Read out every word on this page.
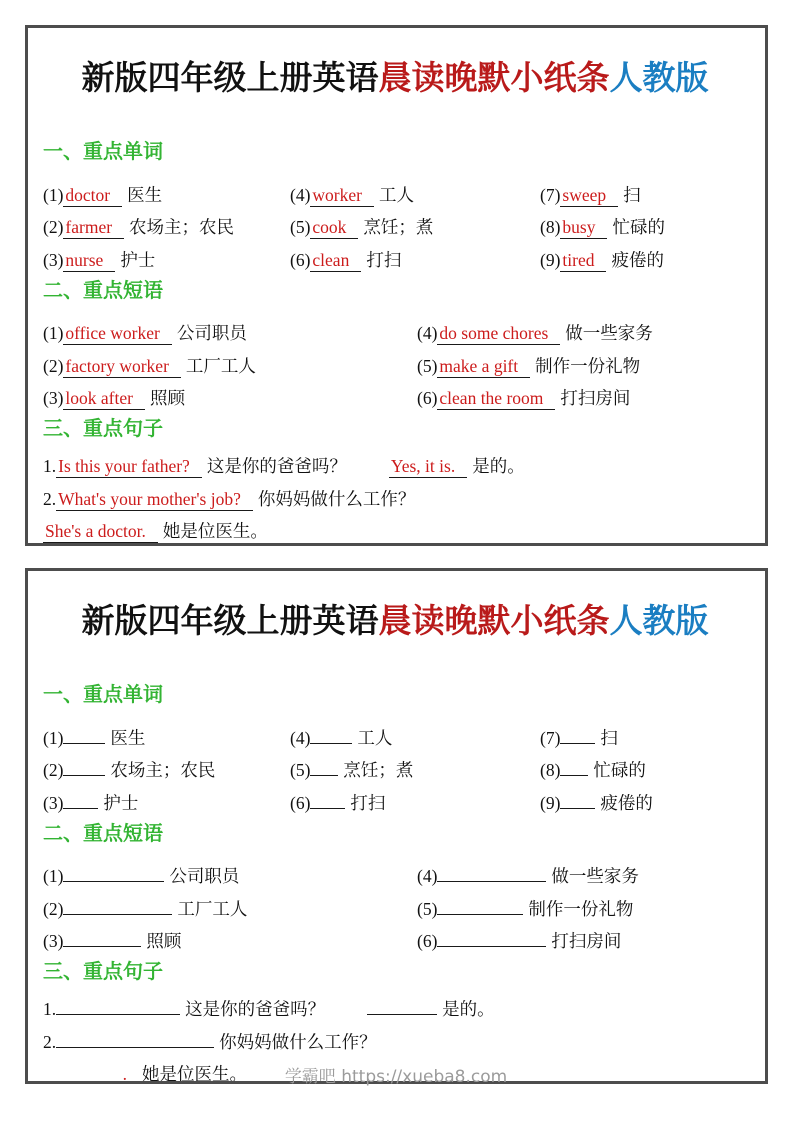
新版四年级上册英语晨读晚默小纸条人教版
一、重点单词
(1) doctor 医生
(2) farmer 农场主；农民
(3) nurse 护士
(4) worker 工人
(5) cook 烹饪；煮
(6) clean 打扫
(7) sweep 扫
(8) busy 忙碌的
(9) tired 疲倦的
二、重点短语
(1) office worker 公司职员
(2) factory worker 工厂工人
(3) look after 照顾
(4) do some chores 做一些家务
(5) make a gift 制作一份礼物
(6) clean the room 打扫房间
三、重点句子

1. Is this your father? 这是你的爸爸吗？	Yes, it is. 是的。

2. What's your mother's job? 你妈妈做什么工作？

She's a doctor. 她是位医生。

新版四年级上册英语晨读晚默小纸条人教版
一、重点单词
(1)	医生
(2)	农场主；农民
(3) 护士
(4)	工人
(5) 烹饪；煮
(6) 打扫
(7) 扫
(8) 忙碌的
(9) 疲倦的
二、重点短语
(1)	公司职员
(2)	工厂工人
(3)	照顾
(4)	做一些家务
(5)	制作一份礼物
(6)	打扫房间
三、重点句子

1.	这是你的爸爸吗？	是的。

2.	你妈妈做什么工作？

. 她是位医生。	学霸吧 https://xueba8.com
